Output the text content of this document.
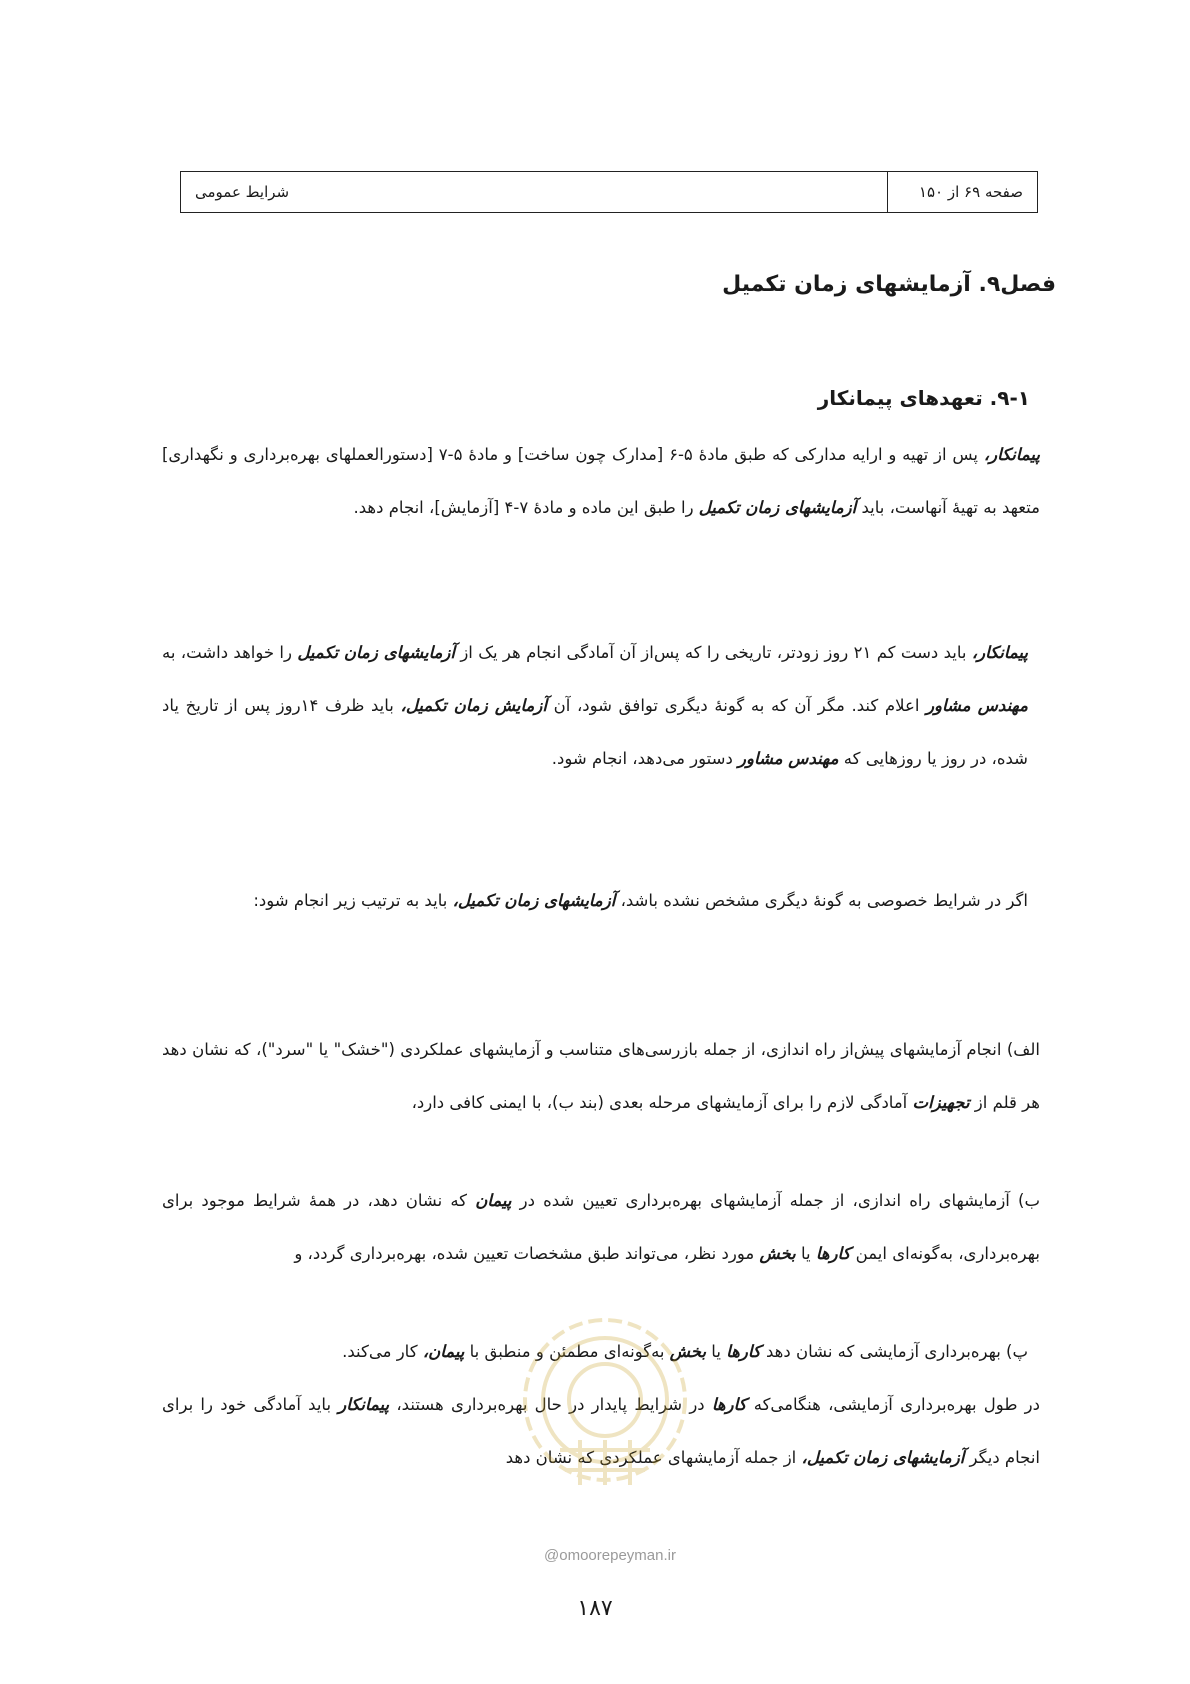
صفحه ۶۹ از ۱۵۰
شرایط عمومی
فصل۹. آزمایشهای زمان تکمیل
۹-۱. تعهدهای پیمانکار
پیمانکار، پس از تهیه و ارایه مدارکی که طبق مادهٔ ۵-۶ [مدارک چون ساخت] و مادهٔ ۵-۷ [دستورالعملهای بهره‌برداری و نگهداری] متعهد به تهیهٔ آنهاست، باید آزمایشهای زمان تکمیل را طبق این ماده و مادهٔ ۷-۴ [آزمایش]، انجام دهد.
پیمانکار، باید دست کم ۲۱ روز زودتر، تاریخی را که پس‌از آن آمادگی انجام هر یک از آزمایشهای زمان تکمیل را خواهد داشت، به مهندس مشاور اعلام کند. مگر آن که به گونهٔ دیگری توافق شود، آن آزمایش زمان تکمیل، باید ظرف ۱۴روز پس از تاریخ یاد شده، در روز یا روزهایی که مهندس مشاور دستور می‌دهد، انجام شود.
اگر در شرایط خصوصی به گونهٔ دیگری مشخص نشده باشد، آزمایشهای زمان تکمیل، باید به ترتیب زیر انجام شود:
الف) انجام آزمایشهای پیش‌از راه اندازی، از جمله بازرسی‌های متناسب و آزمایشهای عملکردی ("خشک" یا "سرد")، که نشان دهد هر قلم از تجهیزات آمادگی لازم را برای آزمایشهای مرحله بعدی (بند ب)، با ایمنی کافی دارد،
ب) آزمایشهای راه اندازی، از جمله آزمایشهای بهره‌برداری تعیین شده در پیمان که نشان دهد، در همهٔ شرایط موجود برای بهره‌برداری، به‌گونه‌ای ایمن کارها یا بخش مورد نظر، می‌تواند طبق مشخصات تعیین شده، بهره‌برداری گردد، و
پ) بهره‌برداری آزمایشی که نشان دهد کارها یا بخش به‌گونه‌ای مطمئن و منطبق با پیمان، کار می‌کند.
در طول بهره‌برداری آزمایشی، هنگامی‌که کارها در شرایط پایدار در حال بهره‌برداری هستند، پیمانکار باید آمادگی خود را برای انجام دیگر آزمایشهای زمان تکمیل، از جمله آزمایشهای عملکردی که نشان دهد
@omoorepeyman.ir
۱۸۷
